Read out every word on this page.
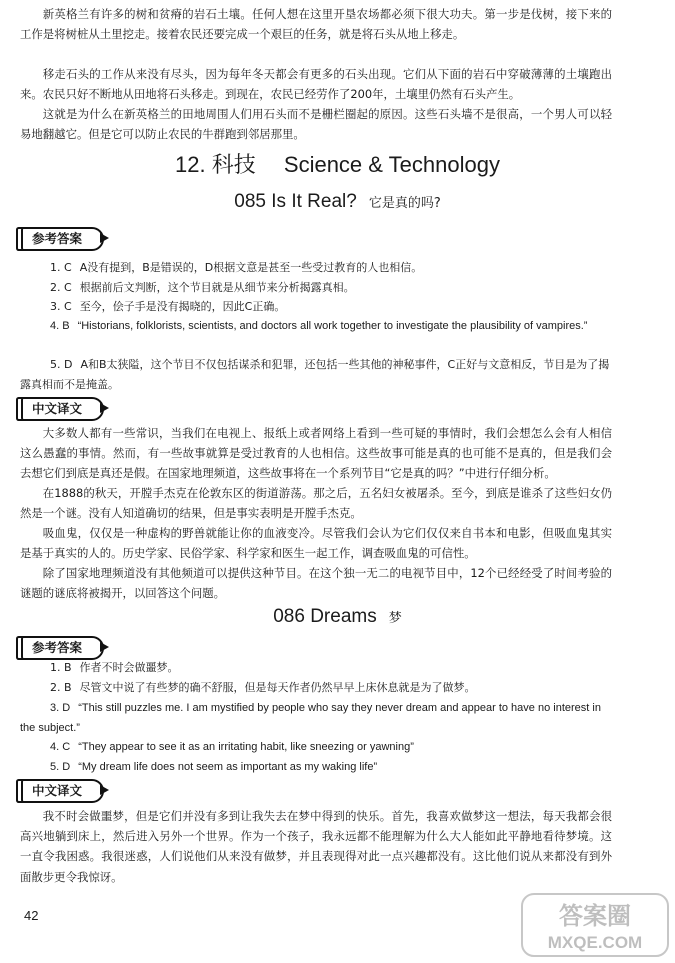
新英格兰有许多的树和贫瘠的岩石土壤。任何人想在这里开垦农场都必须下很大功夫。第一步是伐树，接下来的工作是将树桩从土里挖走。接着农民还要完成一个艰巨的任务，就是将石头从地上移走。

移走石头的工作从来没有尽头，因为每年冬天都会有更多的石头出现。它们从下面的岩石中穿破薄薄的土壤跑出来。农民只好不断地从田地将石头移走。到现在，农民已经劳作了200年，土壤里仍然有石头产生。

这就是为什么在新英格兰的田地周围人们用石头而不是栅栏圈起的原因。这些石头墙不是很高，一个男人可以轻易地翻越它。但是它可以防止农民的牛群跑到邻居那里。

12. 科技 Science & Technology
085 Is It Real? 它是真的吗?
参考答案
1. C A没有提到，B是错误的，D根据文意是甚至一些受过教育的人也相信。
2. C 根据前后文判断，这个节目就是从细节来分析揭露真相。
3. C 至今，侩子手是没有揭晓的，因此C正确。
4. B “Historians, folklorists, scientists, and doctors all work together to investigate the plausibility of vampires.”
5. D A和B太狭隘，这个节目不仅包括谋杀和犯罪，还包括一些其他的神秘事件，C正好与文意相反，节目是为了揭露真相而不是掩盖。
中文译文

大多数人都有一些常识，当我们在电视上、报纸上或者网络上看到一些可疑的事情时，我们会想怎么会有人相信这么愚蠢的事情。然而，有一些故事就算是受过教育的人也相信。这些故事可能是真的也可能不是真的，但是我们会去想它们到底是真还是假。在国家地理频道，这些故事将在一个系列节目“它是真的吗？”中进行仔细分析。

在1888的秋天，开膛手杰克在伦敦东区的街道游荡。那之后，五名妇女被屠杀。至今，到底是谁杀了这些妇女仍然是一个谜。没有人知道确切的结果，但是事实表明是开膛手杰克。

吸血鬼，仅仅是一种虚构的野兽就能让你的血液变冷。尽管我们会认为它们仅仅来自书本和电影，但吸血鬼其实是基于真实的人的。历史学家、民俗学家、科学家和医生一起工作，调查吸血鬼的可信性。

除了国家地理频道没有其他频道可以提供这种节目。在这个独一无二的电视节目中，12个已经经受了时间考验的谜题的谜底将被揭开，以回答这个问题。

086 Dreams 梦
参考答案
1. B 作者不时会做噩梦。
2. B 尽管文中说了有些梦的确不舒服，但是每天作者仍然早早上床休息就是为了做梦。
3. D “This still puzzles me. I am mystified by people who say they never dream and appear to have no interest in the subject.”
4. C “They appear to see it as an irritating habit, like sneezing or yawning”
5. D “My dream life does not seem as important as my waking life”
中文译文

我不时会做噩梦，但是它们并没有多到让我失去在梦中得到的快乐。首先，我喜欢做梦这一想法，每天我都会很高兴地躺到床上，然后进入另外一个世界。作为一个孩子，我永远都不能理解为什么大人能如此平静地看待梦境。这一直令我困惑。我很迷惑，人们说他们从来没有做梦，并且表现得对此一点兴趣都没有。这比他们说从来都没有到外面散步更令我惊讶。

42	答案圈
MXQE.COM
